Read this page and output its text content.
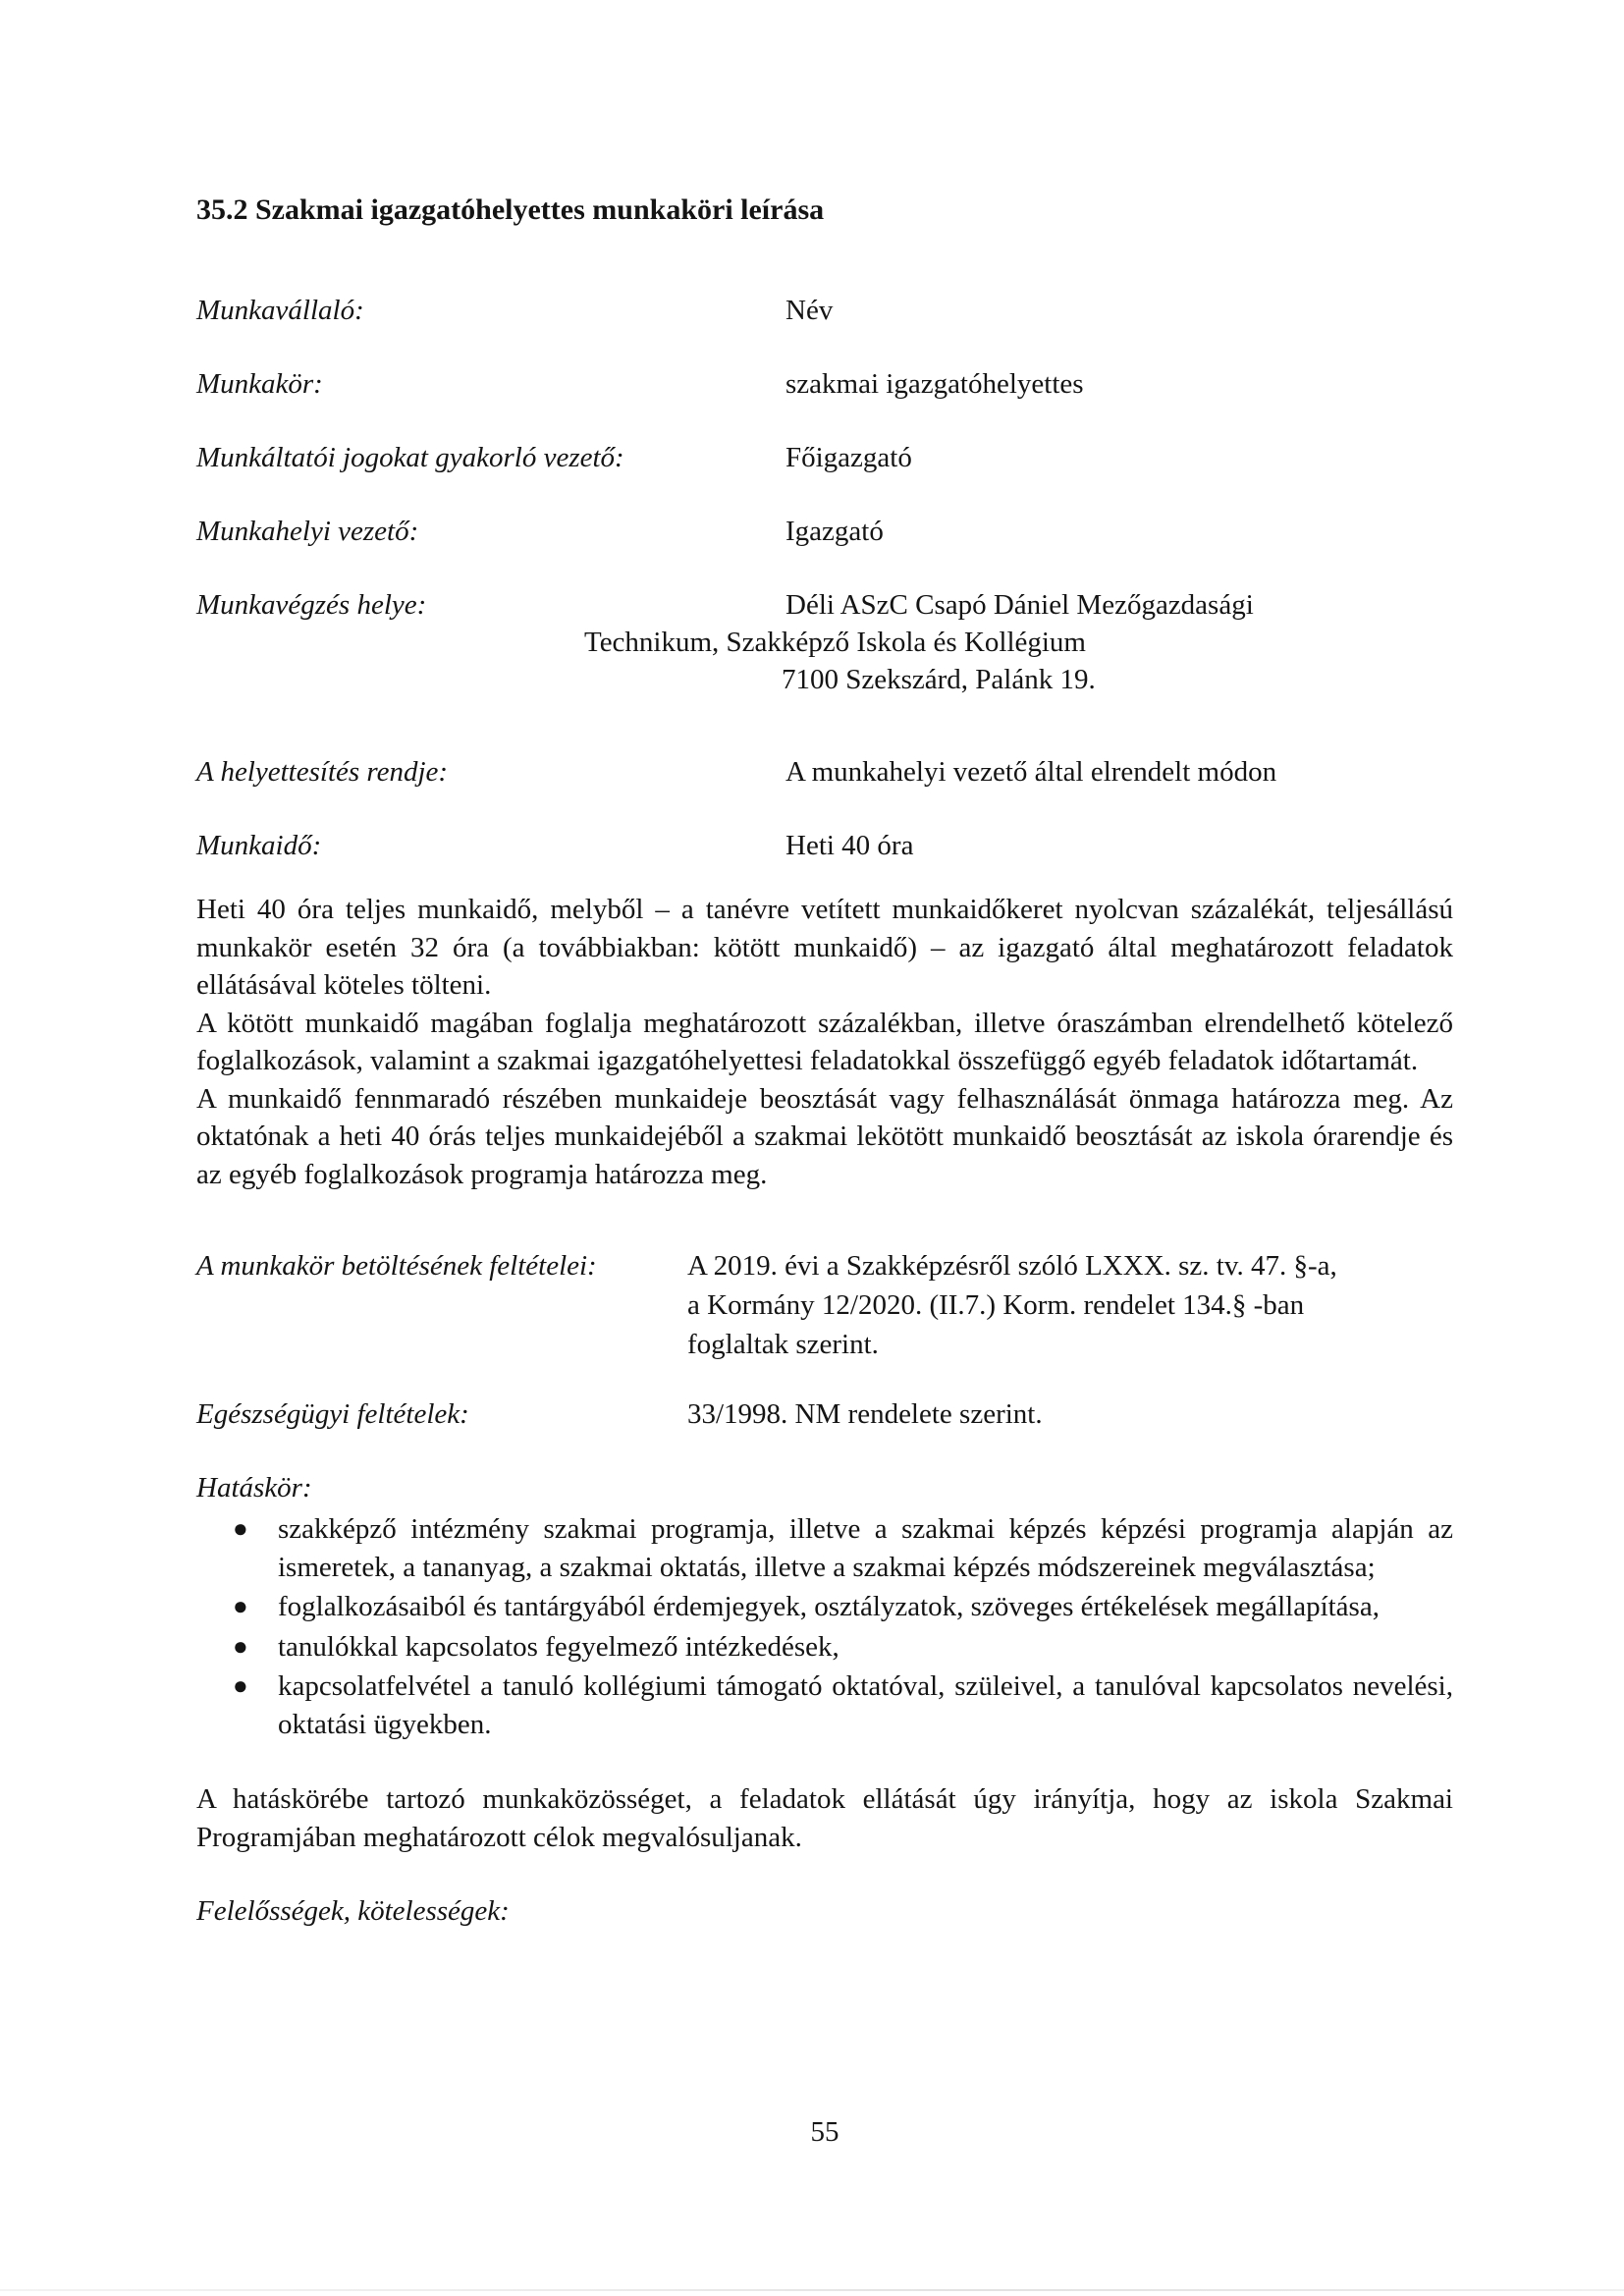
35.2 Szakmai igazgatóhelyettes munkaköri leírása
Munkavállaló:	Név
Munkakör:	szakmai igazgatóhelyettes
Munkáltatói jogokat gyakorló vezető:	Főigazgató
Munkahelyi vezető:	Igazgató
Munkavégzés helye:	Déli ASzC Csapó Dániel Mezőgazdasági
Technikum, Szakképző Iskola és Kollégium
7100 Szekszárd, Palánk 19.
A helyettesítés rendje:	A munkahelyi vezető által elrendelt módon
Munkaidő:	Heti 40 óra

Heti 40 óra teljes munkaidő, melyből – a tanévre vetített munkaidőkeret nyolcvan százalékát, teljesállású munkakör esetén 32 óra (a továbbiakban: kötött munkaidő) – az igazgató által meghatározott feladatok ellátásával köteles tölteni.

A kötött munkaidő magában foglalja meghatározott százalékban, illetve óraszámban elrendelhető kötelező foglalkozások, valamint a szakmai igazgatóhelyettesi feladatokkal összefüggő egyéb feladatok időtartamát.

A munkaidő fennmaradó részében munkaideje beosztását vagy felhasználását önmaga határozza meg. Az oktatónak a heti 40 órás teljes munkaidejéből a szakmai lekötött munkaidő beosztását az iskola órarendje és az egyéb foglalkozások programja határozza meg.

A munkakör betöltésének feltételei:	A 2019. évi a Szakképzésről szóló LXXX. sz. tv. 47. §-a,
a Kormány 12/2020. (II.7.) Korm. rendelet 134.§ -ban
foglaltak szerint.
Egészségügyi feltételek:	33/1998. NM rendelete szerint.
Hatáskör:
●	szakképző intézmény szakmai programja, illetve a szakmai képzés képzési programja alapján az ismeretek, a tananyag, a szakmai oktatás, illetve a szakmai képzés módszereinek megválasztása;
●	foglalkozásaiból és tantárgyából érdemjegyek, osztályzatok, szöveges értékelések megállapítása,
●	tanulókkal kapcsolatos fegyelmező intézkedések,
●	kapcsolatfelvétel a tanuló kollégiumi támogató oktatóval, szüleivel, a tanulóval kapcsolatos nevelési, oktatási ügyekben.

A hatáskörébe tartozó munkaközösséget, a feladatok ellátását úgy irányítja, hogy az iskola Szakmai Programjában meghatározott célok megvalósuljanak.

Felelősségek, kötelességek:
55
